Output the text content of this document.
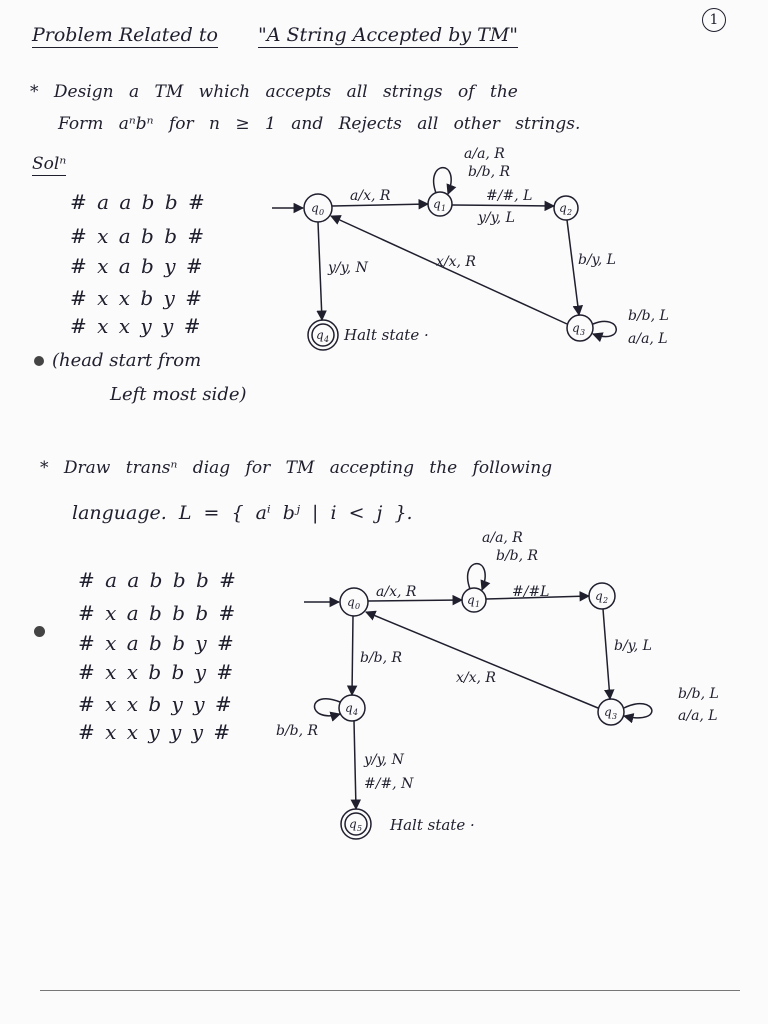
Problem Related to "A String Accepted by TM"
1
* Design a TM which accepts all strings of the
Form aⁿbⁿ for n ≥ 1 and Rejects all other strings.
Solⁿ
# a a b b #
# x a b b #
# x a b y #
# x x b y #
# x x y y #
(head start from
Left most side)
q 0
q 1	q 2
q 3
q 4
a/x, R
a/a, R
b/b, R
#/#, L
y/y, L
b/y, L
b/b, L
a/a, L
x/x, R
y/y, N
Halt state ·
* Draw transⁿ diag for TM accepting the following
language. L = { aⁱ bʲ | i < j }.
# a a b b b #
# x a b b b #
# x a b b y #
# x x b b y #
# x x b y y #
# x x y y y #
q 0	q 1
q 2
q 3
q 4
q 5
a/x, R
a/a, R
b/b, R
#/#L
b/y, L
b/b, L
a/a, L
x/x, R
b/b, R
b/b, R
y/y, N
#/#, N
Halt state ·
